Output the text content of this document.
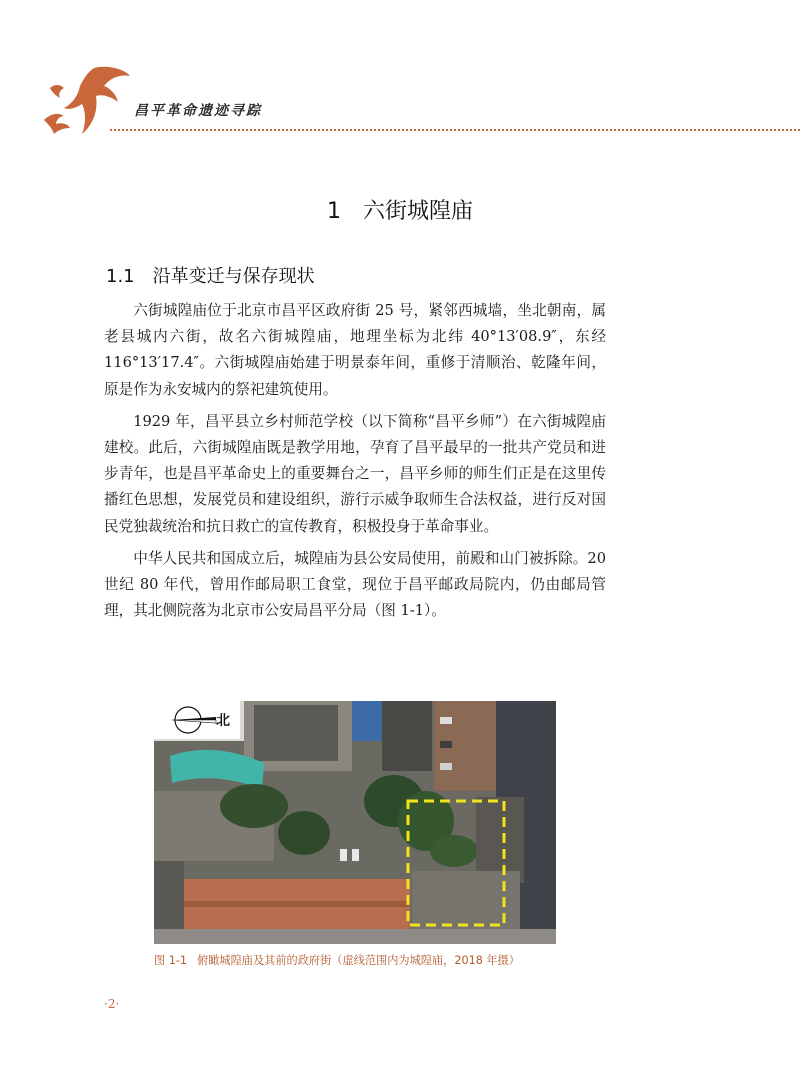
昌平革命遗迹寻踪
1 六街城隍庙
1.1 沿革变迁与保存现状

六街城隍庙位于北京市昌平区政府街 25 号，紧邻西城墙，坐北朝南，属老县城内六街，故名六街城隍庙，地理坐标为北纬 40°13′08.9″，东经116°13′17.4″。六街城隍庙始建于明景泰年间，重修于清顺治、乾隆年间，原是作为永安城内的祭祀建筑使用。

1929 年，昌平县立乡村师范学校（以下简称“昌平乡师”）在六街城隍庙建校。此后，六街城隍庙既是教学用地，孕育了昌平最早的一批共产党员和进步青年，也是昌平革命史上的重要舞台之一，昌平乡师的师生们正是在这里传播红色思想，发展党员和建设组织，游行示威争取师生合法权益，进行反对国民党独裁统治和抗日救亡的宣传教育，积极投身于革命事业。

中华人民共和国成立后，城隍庙为县公安局使用，前殿和山门被拆除。20 世纪 80 年代，曾用作邮局职工食堂，现位于昌平邮政局院内，仍由邮局管理，其北侧院落为北京市公安局昌平分局（图 1-1）。

北
图 1-1 俯瞰城隍庙及其前的政府街（虚线范围内为城隍庙，2018 年摄）
·2·
